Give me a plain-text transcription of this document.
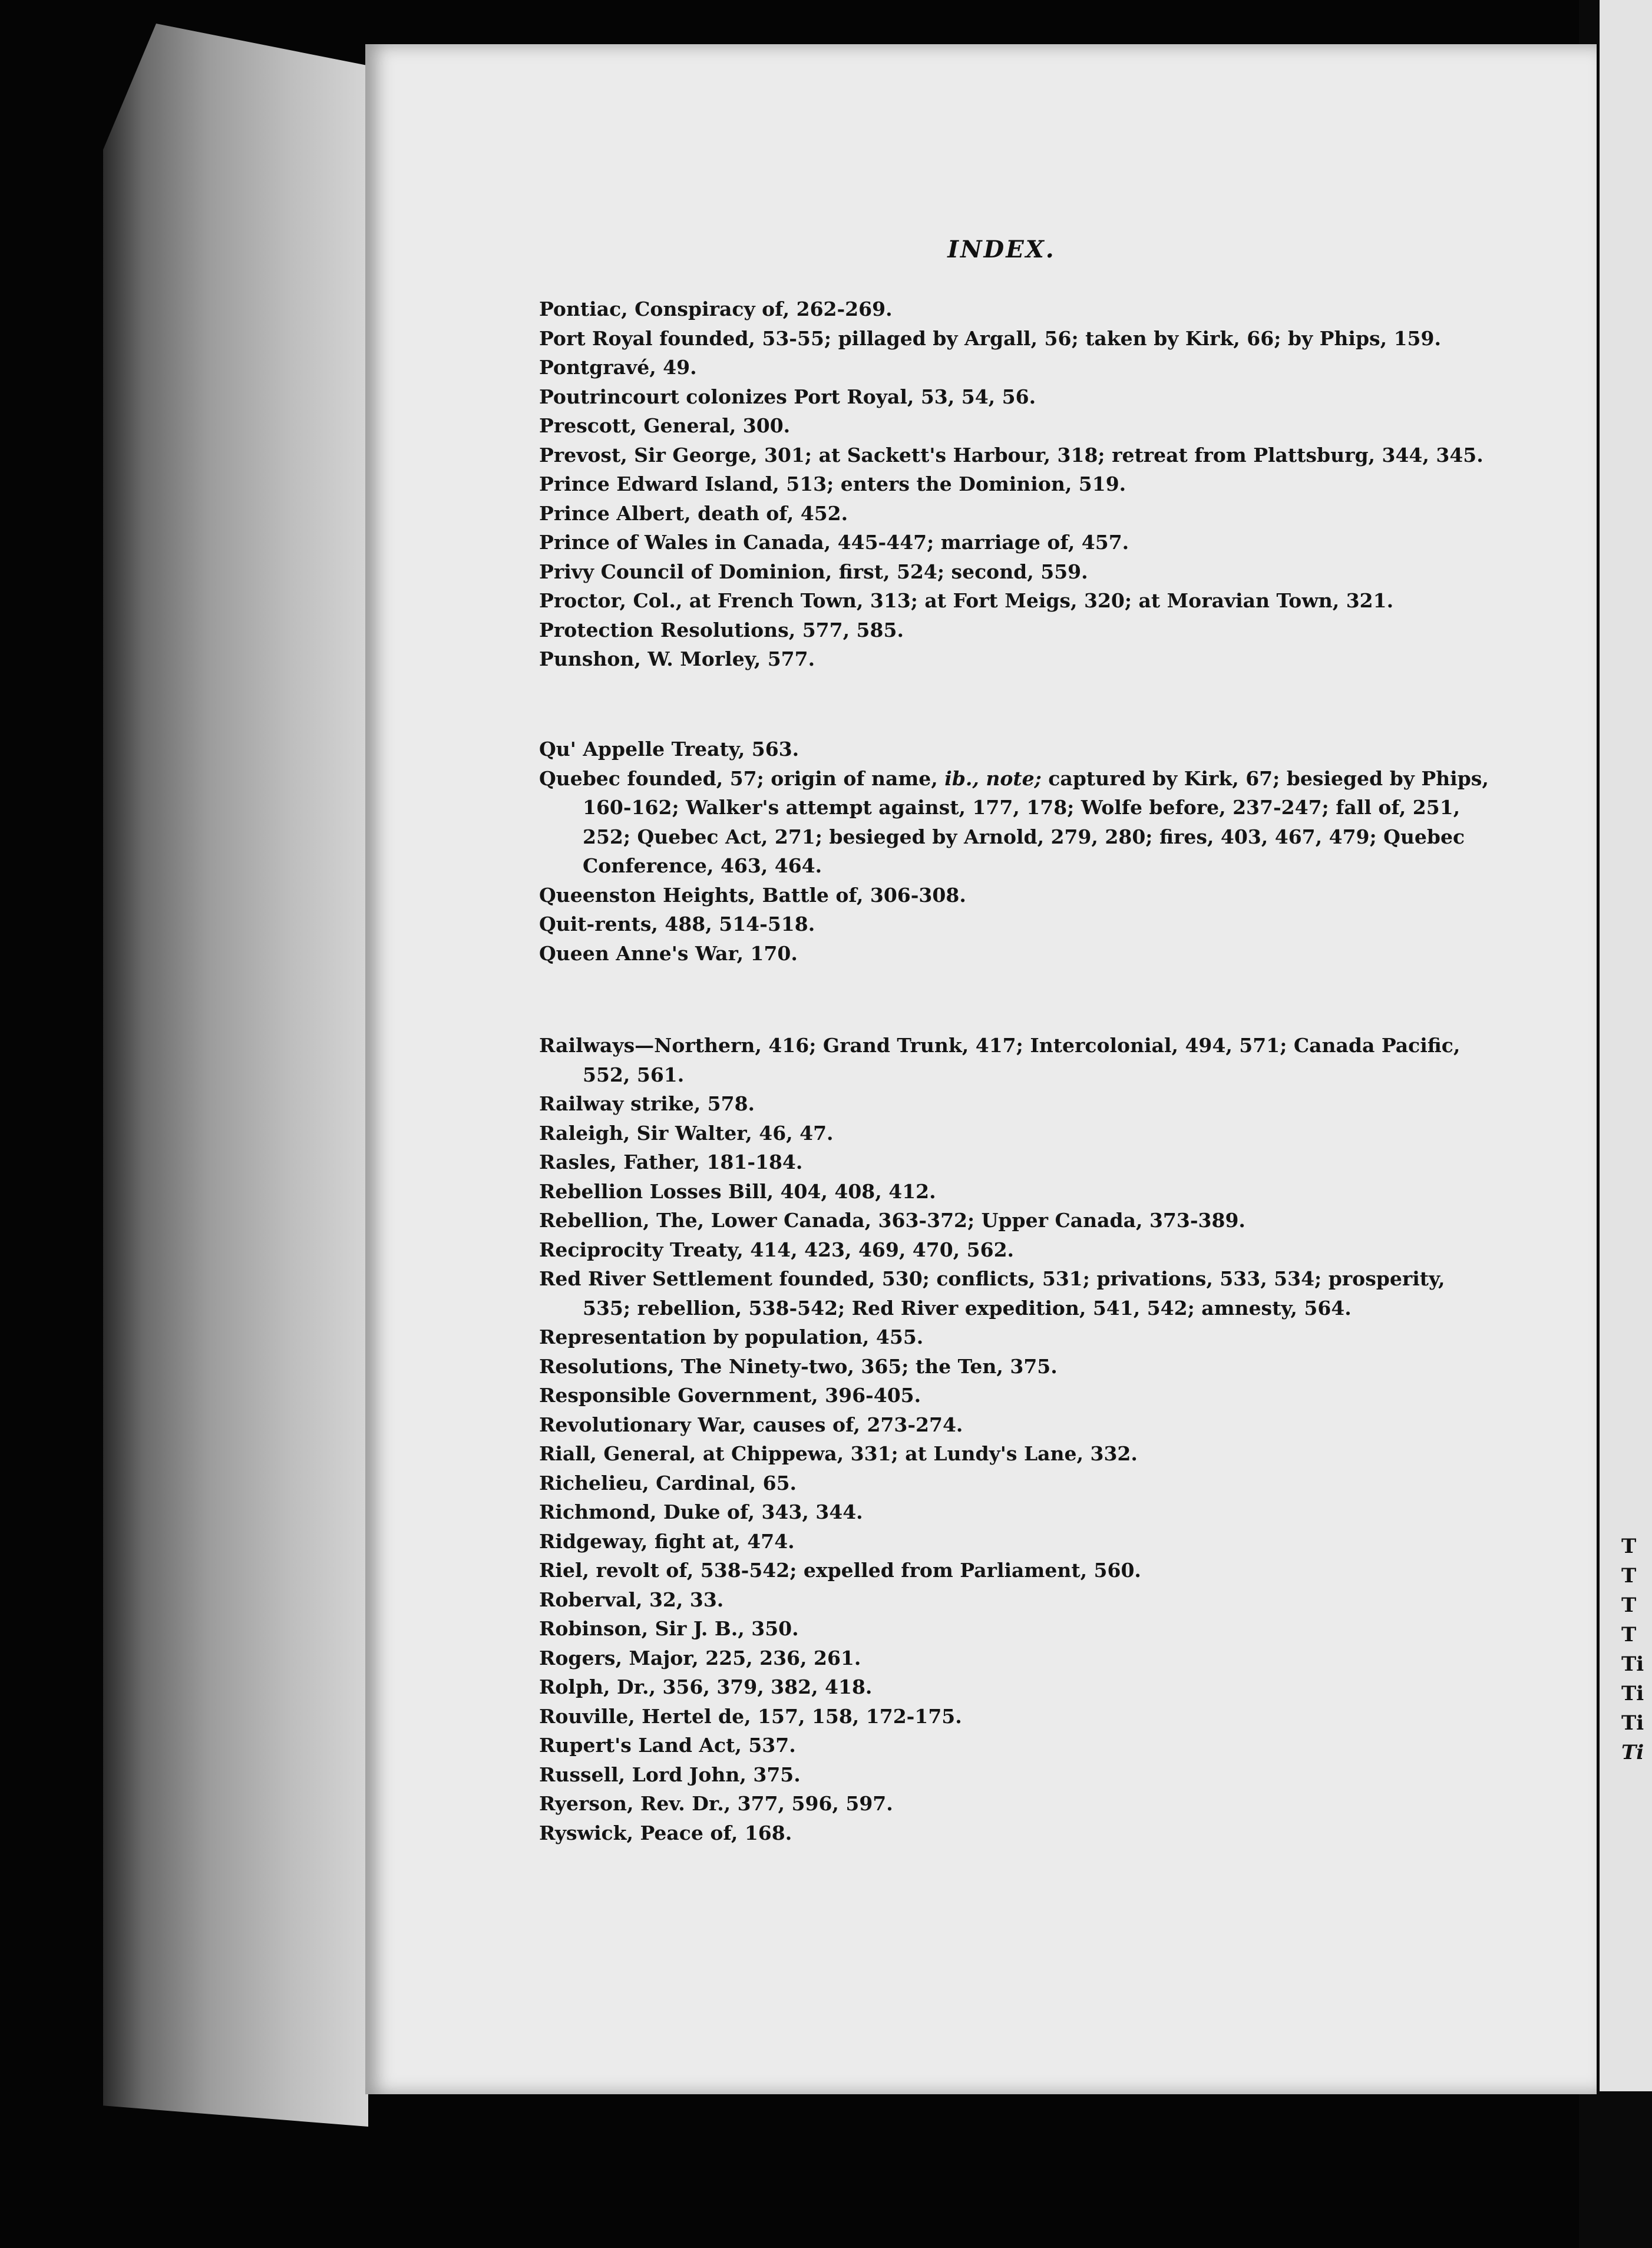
T
T
T
T
Ti
Ti
Ti
Ti
INDEX.
Pontiac, Conspiracy of, 262-269.
Port Royal founded, 53-55; pillaged by Argall, 56; taken by Kirk, 66; by Phips, 159.
Pontgravé, 49.
Poutrincourt colonizes Port Royal, 53, 54, 56.
Prescott, General, 300.
Prevost, Sir George, 301; at Sackett's Harbour, 318; retreat from Plattsburg, 344, 345.
Prince Edward Island, 513; enters the Dominion, 519.
Prince Albert, death of, 452.
Prince of Wales in Canada, 445-447; marriage of, 457.
Privy Council of Dominion, first, 524; second, 559.
Proctor, Col., at French Town, 313; at Fort Meigs, 320; at Moravian Town, 321.
Protection Resolutions, 577, 585.
Punshon, W. Morley, 577.
Qu' Appelle Treaty, 563.
Quebec founded, 57; origin of name, ib., note; captured by Kirk, 67; besieged by Phips, 160-162; Walker's attempt against, 177, 178; Wolfe before, 237-247; fall of, 251, 252; Quebec Act, 271; besieged by Arnold, 279, 280; fires, 403, 467, 479; Quebec Conference, 463, 464.
Queenston Heights, Battle of, 306-308.
Quit-rents, 488, 514-518.
Queen Anne's War, 170.
Railways—Northern, 416; Grand Trunk, 417; Intercolonial, 494, 571; Canada Pacific, 552, 561.
Railway strike, 578.
Raleigh, Sir Walter, 46, 47.
Rasles, Father, 181-184.
Rebellion Losses Bill, 404, 408, 412.
Rebellion, The, Lower Canada, 363-372; Upper Canada, 373-389.
Reciprocity Treaty, 414, 423, 469, 470, 562.
Red River Settlement founded, 530; conflicts, 531; privations, 533, 534; prosperity, 535; rebellion, 538-542; Red River expedition, 541, 542; amnesty, 564.
Representation by population, 455.
Resolutions, The Ninety-two, 365; the Ten, 375.
Responsible Government, 396-405.
Revolutionary War, causes of, 273-274.
Riall, General, at Chippewa, 331; at Lundy's Lane, 332.
Richelieu, Cardinal, 65.
Richmond, Duke of, 343, 344.
Ridgeway, fight at, 474.
Riel, revolt of, 538-542; expelled from Parliament, 560.
Roberval, 32, 33.
Robinson, Sir J. B., 350.
Rogers, Major, 225, 236, 261.
Rolph, Dr., 356, 379, 382, 418.
Rouville, Hertel de, 157, 158, 172-175.
Rupert's Land Act, 537.
Russell, Lord John, 375.
Ryerson, Rev. Dr., 377, 596, 597.
Ryswick, Peace of, 168.
